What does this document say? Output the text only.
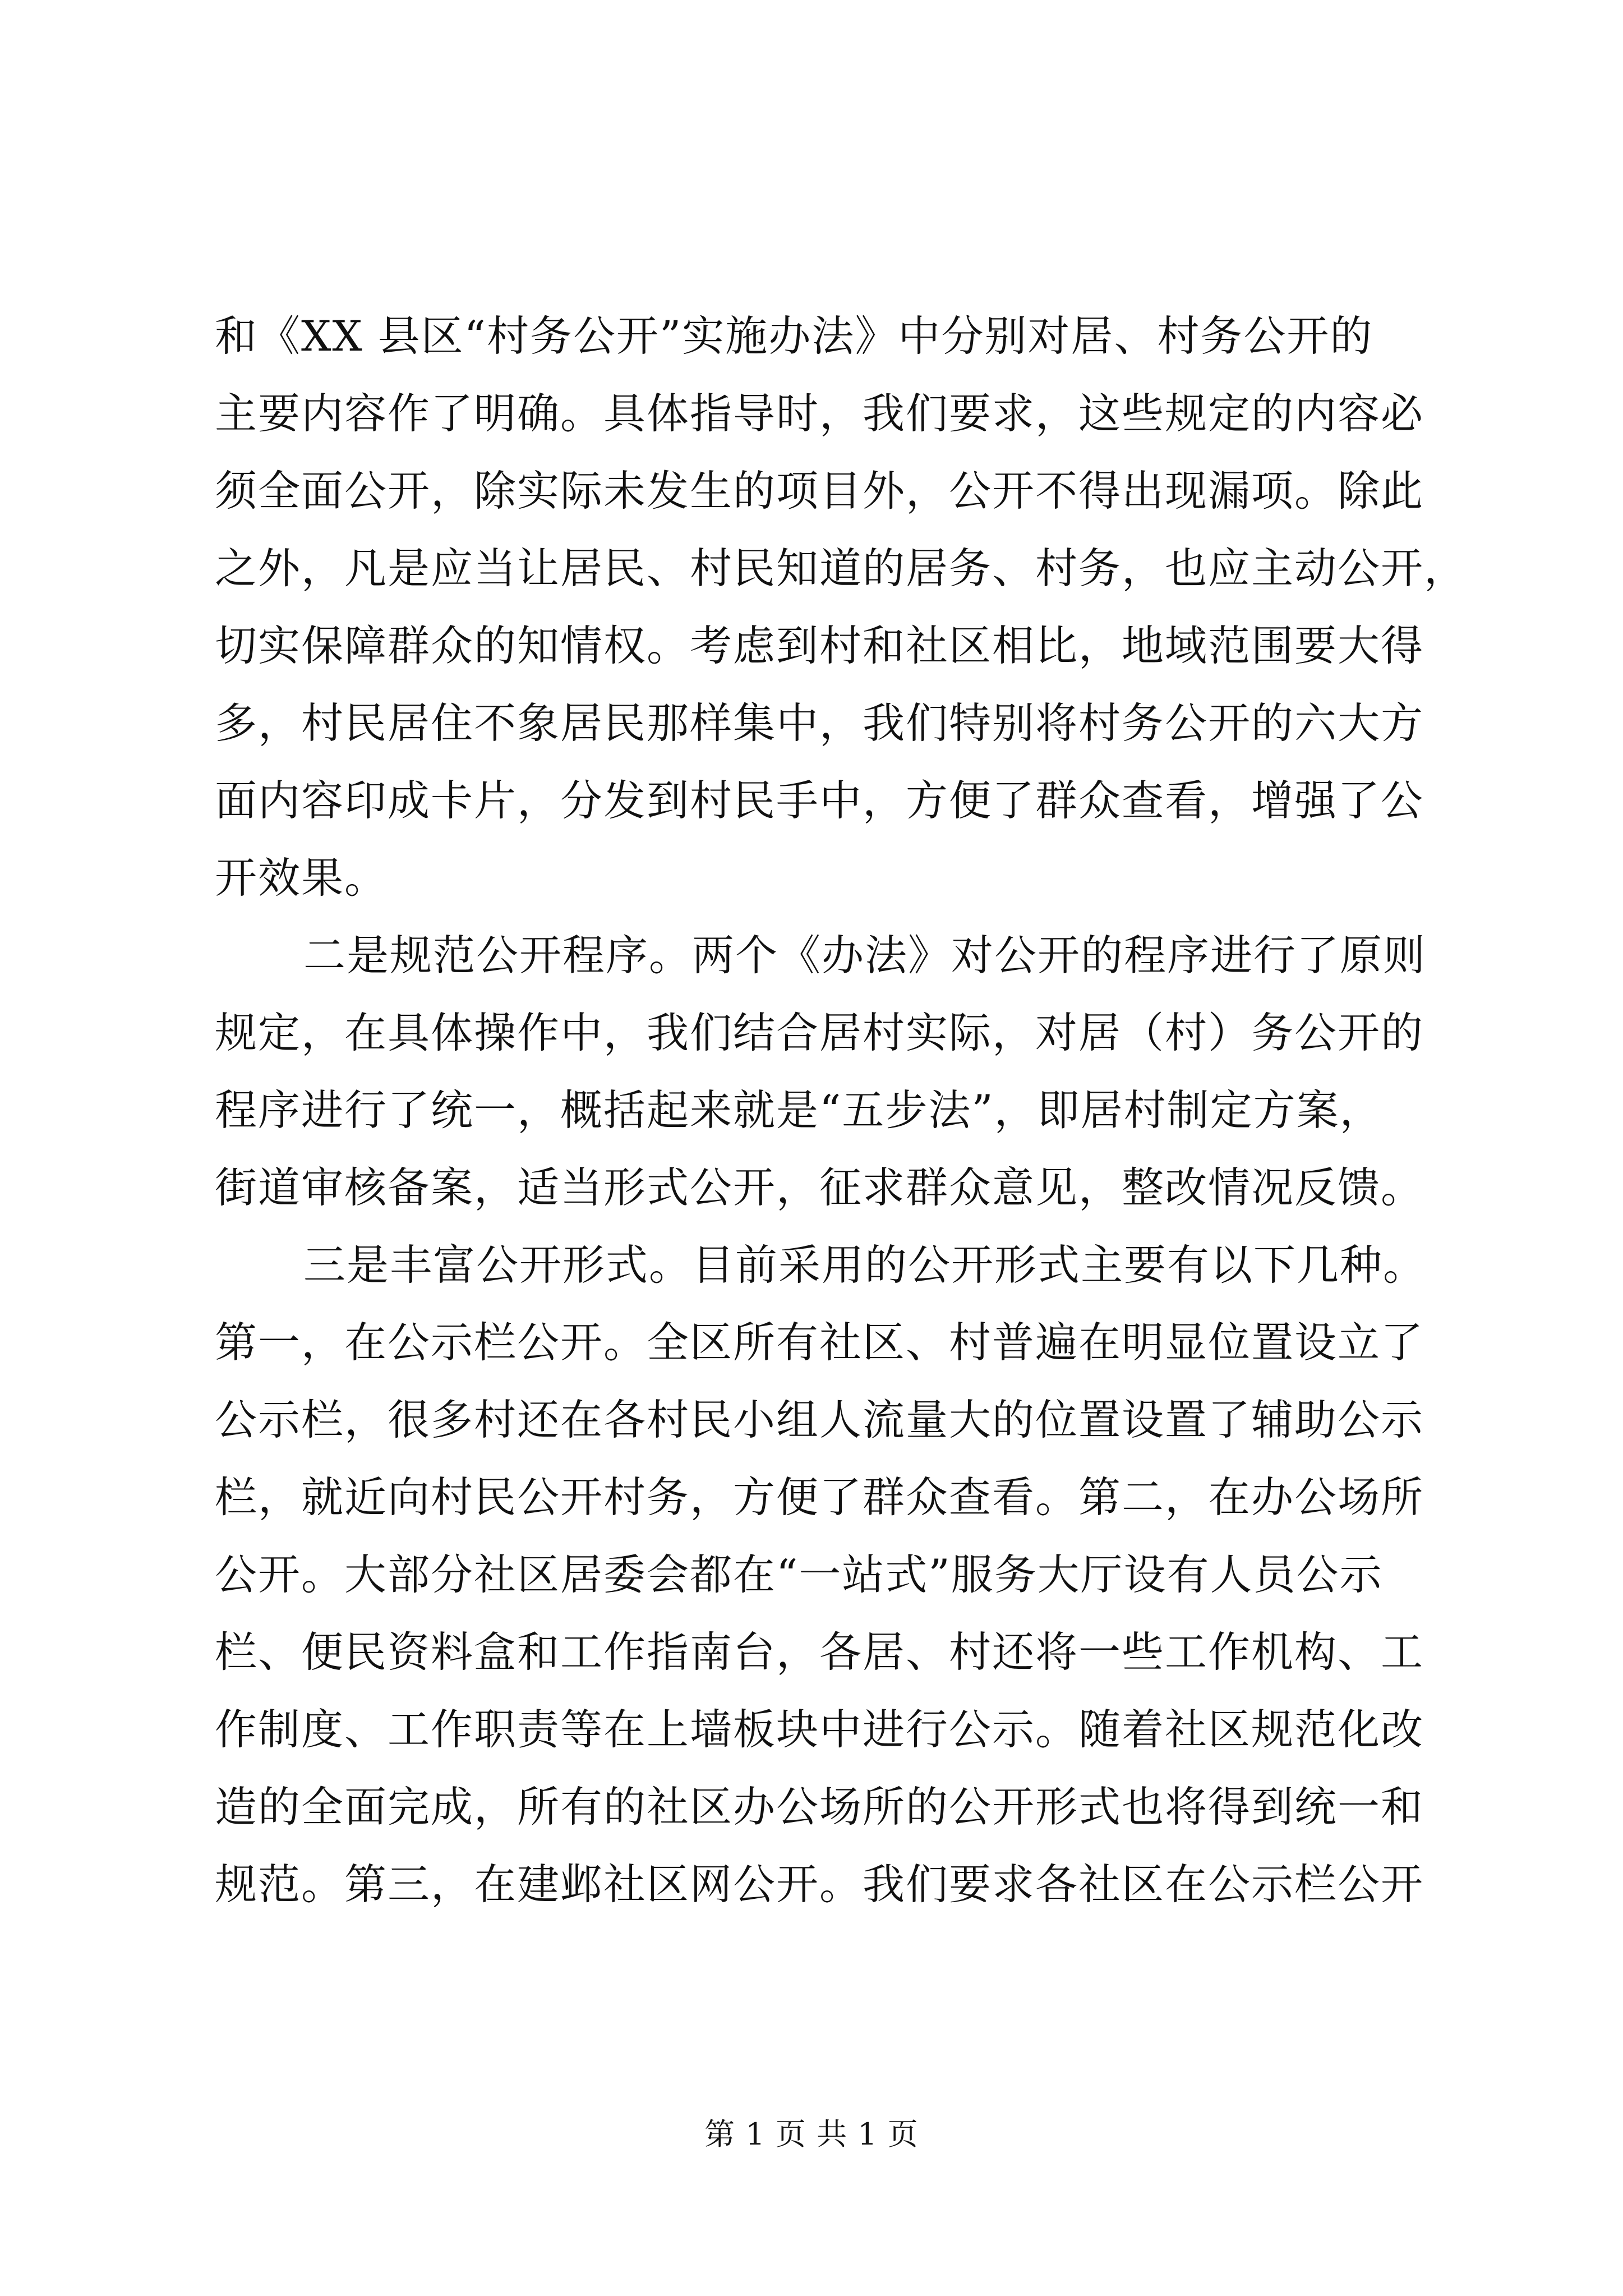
和《XX 县区“村务公开”实施办法》中分别对居、村务公开的
主要内容作了明确。具体指导时，我们要求，这些规定的内容必
须全面公开，除实际未发生的项目外，公开不得出现漏项。除此
之外，凡是应当让居民、村民知道的居务、村务，也应主动公开，
切实保障群众的知情权。考虑到村和社区相比，地域范围要大得
多，村民居住不象居民那样集中，我们特别将村务公开的六大方
面内容印成卡片，分发到村民手中，方便了群众查看，增强了公
开效果。
二是规范公开程序。两个《办法》对公开的程序进行了原则
规定，在具体操作中，我们结合居村实际，对居（村）务公开的
程序进行了统一，概括起来就是“五步法”，即居村制定方案，
街道审核备案，适当形式公开，征求群众意见，整改情况反馈。
三是丰富公开形式。目前采用的公开形式主要有以下几种。
第一，在公示栏公开。全区所有社区、村普遍在明显位置设立了
公示栏，很多村还在各村民小组人流量大的位置设置了辅助公示
栏，就近向村民公开村务，方便了群众查看。第二，在办公场所
公开。大部分社区居委会都在“一站式”服务大厅设有人员公示
栏、便民资料盒和工作指南台，各居、村还将一些工作机构、工
作制度、工作职责等在上墙板块中进行公示。随着社区规范化改
造的全面完成，所有的社区办公场所的公开形式也将得到统一和
规范。第三，在建邺社区网公开。我们要求各社区在公示栏公开
第 1 页 共 1 页
